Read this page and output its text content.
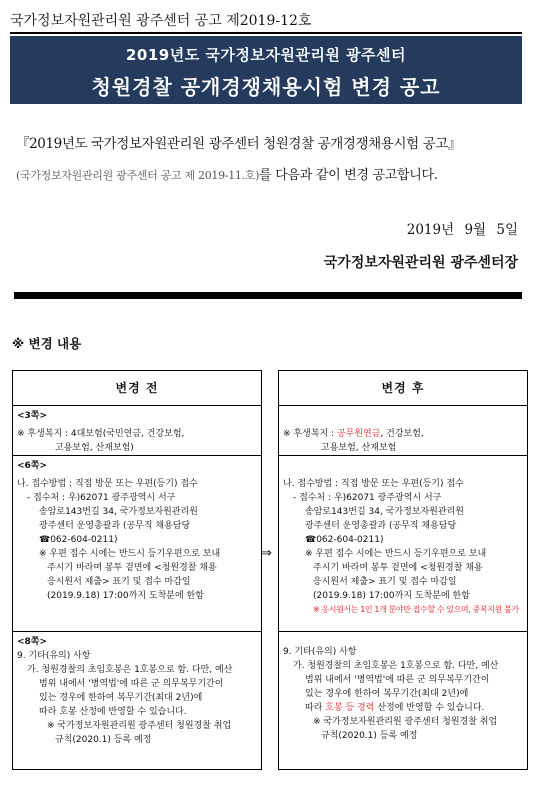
국가정보자원관리원 광주센터 공고 제2019-12호
2019년도 국가정보자원관리원 광주센터
청원경찰 공개경쟁채용시험 변경 공고
『2019년도 국가정보자원관리원 광주센터 청원경찰 공개경쟁채용시험 공고』
(국가정보자원관리원 광주센터 공고 제 2019-11.호)를 다음과 같이 변경 공고합니다.
2019년 9월 5일
국가정보자원관리원 광주센터장
※ 변경 내용
변경 전
<3쪽>

※ 후생복지 : 4대보험(국민연금, 건강보험,

고용보험, 산재보험)

<6쪽>

나. 접수방법 : 직접 방문 또는 우편(등기) 접수

- 접수처 : 우)62071 광주광역시 서구

송암로143번길 34, 국가정보자원관리원

광주센터 운영총괄과 (공무직 채용담당

☎062-604-0211)

※ 우편 접수 시에는 반드시 등기우편으로 보내

주시기 바라며 봉투 겉면에 <청원경찰 채용

응시원서 제출> 표기 및 접수 마감일

(2019.9.18) 17:00까지 도착분에 한함

<8쪽>

9. 기타(유의) 사항

가. 청원경찰의 초임호봉은 1호봉으로 함. 다만, 예산

범위 내에서 '병역법'에 따른 군 의무복무기간이

있는 경우에 한하여 복무기간(최대 2년)에

따라 호봉 산정에 반영할 수 있습니다.

※ 국가정보자원관리원 광주센터 청원경찰 취업

규칙(2020.1) 등록 예정

⇒
변경 후

※ 후생복지 : 공무원연금, 건강보험,

고용보험, 산재보험

나. 접수방법 : 직접 방문 또는 우편(등기) 접수

- 접수처 : 우)62071 광주광역시 서구

송암로143번길 34, 국가정보자원관리원

광주센터 운영총괄과 (공무직 채용담당

☎062-604-0211)

※ 우편 접수 시에는 반드시 등기우편으로 보내

주시기 바라며 봉투 겉면에 <청원경찰 채용

응시원서 제출> 표기 및 접수 마감일

(2019.9.18) 17:00까지 도착분에 한함

※ 응시원서는 1인 1개 분야만 접수할 수 있으며, 중복지원 불가

9. 기타(유의) 사항

가. 청원경찰의 초임호봉은 1호봉으로 함. 다만, 예산

범위 내에서 '병역법'에 따른 군 의무복무기간이

있는 경우에 한하여 복무기간(최대 2년)에

따라 호봉 등 경력 산정에 반영할 수 있습니다.

※ 국가정보자원관리원 광주센터 청원경찰 취업

규칙(2020.1) 등록 예정
